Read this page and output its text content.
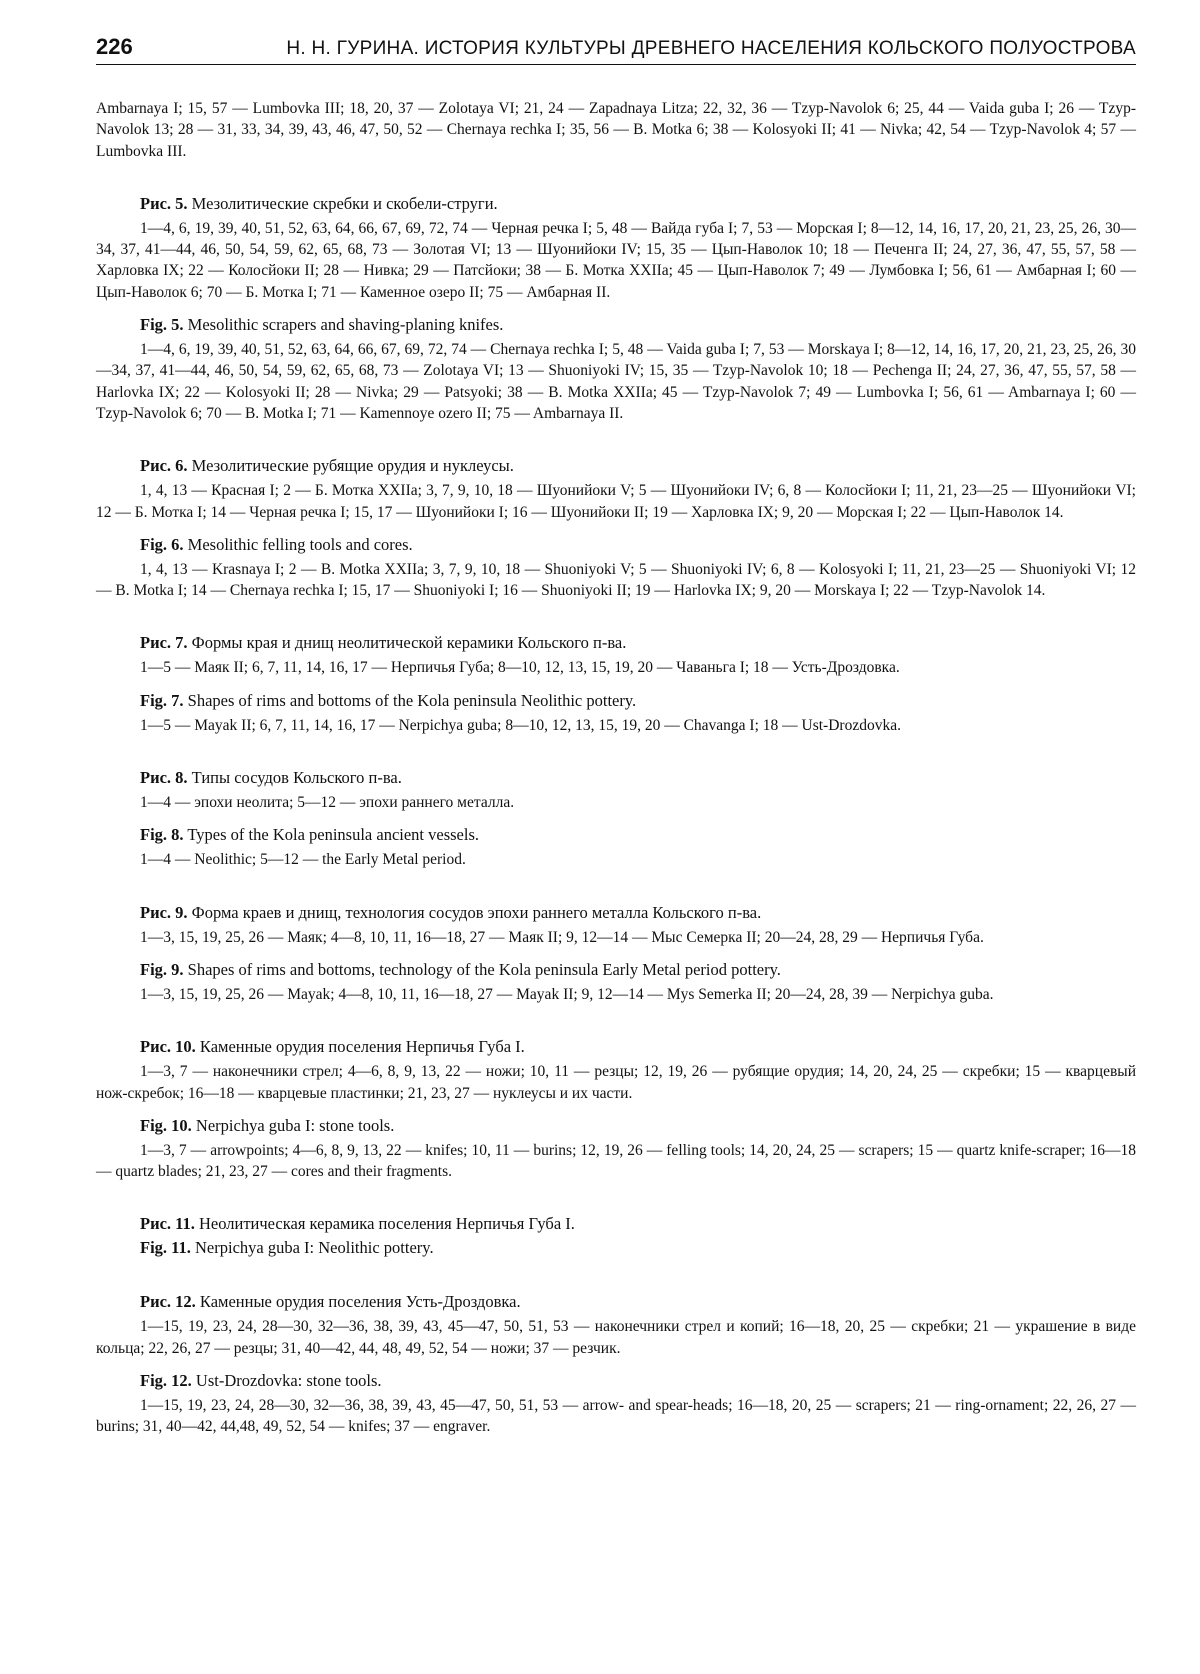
226	Н. Н. ГУРИНА. ИСТОРИЯ КУЛЬТУРЫ ДРЕВНЕГО НАСЕЛЕНИЯ КОЛЬСКОГО ПОЛУОСТРОВА

Ambarnaya I; 15, 57 — Lumbovka III; 18, 20, 37 — Zolotaya VI; 21, 24 — Zapadnaya Litza; 22, 32, 36 — Tzyp-Navolok 6; 25, 44 — Vaida guba I; 26 — Tzyp-Navolok 13; 28 — 31, 33, 34, 39, 43, 46, 47, 50, 52 — Chernaya rechka I; 35, 56 — B. Motka 6; 38 — Kolosyoki II; 41 — Nivka; 42, 54 — Tzyp-Navolok 4; 57 — Lumbovka III.

Рис. 5. Мезолитические скребки и скобели-струги.

1—4, 6, 19, 39, 40, 51, 52, 63, 64, 66, 67, 69, 72, 74 — Черная речка I; 5, 48 — Вайда губа I; 7, 53 — Морская I; 8—12, 14, 16, 17, 20, 21, 23, 25, 26, 30—34, 37, 41—44, 46, 50, 54, 59, 62, 65, 68, 73 — Золотая VI; 13 — Шуонийоки IV; 15, 35 — Цып-Наволок 10; 18 — Печенга II; 24, 27, 36, 47, 55, 57, 58 — Харловка IX; 22 — Колосйоки II; 28 — Нивка; 29 — Патсйоки; 38 — Б. Мотка XXIIa; 45 — Цып-Наволок 7; 49 — Лумбовка I; 56, 61 — Амбарная I; 60 — Цып-Наволок 6; 70 — Б. Мотка I; 71 — Каменное озеро II; 75 — Амбарная II.

Fig. 5. Mesolithic scrapers and shaving-planing knifes.

1—4, 6, 19, 39, 40, 51, 52, 63, 64, 66, 67, 69, 72, 74 — Chernaya rechka I; 5, 48 — Vaida guba I; 7, 53 — Morskaya I; 8—12, 14, 16, 17, 20, 21, 23, 25, 26, 30—34, 37, 41—44, 46, 50, 54, 59, 62, 65, 68, 73 — Zolotaya VI; 13 — Shuoniyoki IV; 15, 35 — Tzyp-Navolok 10; 18 — Pechenga II; 24, 27, 36, 47, 55, 57, 58 — Harlovka IX; 22 — Kolosyoki II; 28 — Nivka; 29 — Patsyoki; 38 — B. Motka XXIIa; 45 — Tzyp-Navolok 7; 49 — Lumbovka I; 56, 61 — Ambarnaya I; 60 — Tzyp-Navolok 6; 70 — B. Motka I; 71 — Kamennoye ozero II; 75 — Ambarnaya II.

Рис. 6. Мезолитические рубящие орудия и нуклеусы.

1, 4, 13 — Красная I; 2 — Б. Мотка XXIIa; 3, 7, 9, 10, 18 — Шуонийоки V; 5 — Шуонийоки IV; 6, 8 — Колосйоки I; 11, 21, 23—25 — Шуонийоки VI; 12 — Б. Мотка I; 14 — Черная речка I; 15, 17 — Шуонийоки I; 16 — Шуонийоки II; 19 — Харловка IX; 9, 20 — Морская I; 22 — Цып-Наволок 14.

Fig. 6. Mesolithic felling tools and cores.

1, 4, 13 — Krasnaya I; 2 — B. Motka XXIIa; 3, 7, 9, 10, 18 — Shuoniyoki V; 5 — Shuoniyoki IV; 6, 8 — Kolosyoki I; 11, 21, 23—25 — Shuoniyoki VI; 12 — B. Motka I; 14 — Chernaya rechka I; 15, 17 — Shuoniyoki I; 16 — Shuoniyoki II; 19 — Harlovka IX; 9, 20 — Morskaya I; 22 — Tzyp-Navolok 14.

Рис. 7. Формы края и днищ неолитической керамики Кольского п-ва.

1—5 — Маяк II; 6, 7, 11, 14, 16, 17 — Нерпичья Губа; 8—10, 12, 13, 15, 19, 20 — Чаваньга I; 18 — Усть-Дроздовка.

Fig. 7. Shapes of rims and bottoms of the Kola peninsula Neolithic pottery.

1—5 — Mayak II; 6, 7, 11, 14, 16, 17 — Nerpichya guba; 8—10, 12, 13, 15, 19, 20 — Chavanga I; 18 — Ust-Drozdovka.

Рис. 8. Типы сосудов Кольского п-ва.

1—4 — эпохи неолита; 5—12 — эпохи раннего металла.

Fig. 8. Types of the Kola peninsula ancient vessels.

1—4 — Neolithic; 5—12 — the Early Metal period.

Рис. 9. Форма краев и днищ, технология сосудов эпохи раннего металла Кольского п-ва.

1—3, 15, 19, 25, 26 — Маяк; 4—8, 10, 11, 16—18, 27 — Маяк II; 9, 12—14 — Мыс Семерка II; 20—24, 28, 29 — Нерпичья Губа.

Fig. 9. Shapes of rims and bottoms, technology of the Kola peninsula Early Metal period pottery.

1—3, 15, 19, 25, 26 — Mayak; 4—8, 10, 11, 16—18, 27 — Mayak II; 9, 12—14 — Mys Semerka II; 20—24, 28, 39 — Nerpichya guba.

Рис. 10. Каменные орудия поселения Нерпичья Губа I.

1—3, 7 — наконечники стрел; 4—6, 8, 9, 13, 22 — ножи; 10, 11 — резцы; 12, 19, 26 — рубящие орудия; 14, 20, 24, 25 — скребки; 15 — кварцевый нож-скребок; 16—18 — кварцевые пластинки; 21, 23, 27 — нуклеусы и их части.

Fig. 10. Nerpichya guba I: stone tools.

1—3, 7 — arrowpoints; 4—6, 8, 9, 13, 22 — knifes; 10, 11 — burins; 12, 19, 26 — felling tools; 14, 20, 24, 25 — scrapers; 15 — quartz knife-scraper; 16—18 — quartz blades; 21, 23, 27 — cores and their fragments.

Рис. 11. Неолитическая керамика поселения Нерпичья Губа I.

Fig. 11. Nerpichya guba I: Neolithic pottery.

Рис. 12. Каменные орудия поселения Усть-Дроздовка.

1—15, 19, 23, 24, 28—30, 32—36, 38, 39, 43, 45—47, 50, 51, 53 — наконечники стрел и копий; 16—18, 20, 25 — скребки; 21 — украшение в виде кольца; 22, 26, 27 — резцы; 31, 40—42, 44, 48, 49, 52, 54 — ножи; 37 — резчик.

Fig. 12. Ust-Drozdovka: stone tools.

1—15, 19, 23, 24, 28—30, 32—36, 38, 39, 43, 45—47, 50, 51, 53 — arrow- and spear-heads; 16—18, 20, 25 — scrapers; 21 — ring-ornament; 22, 26, 27 — burins; 31, 40—42, 44,48, 49, 52, 54 — knifes; 37 — engraver.
